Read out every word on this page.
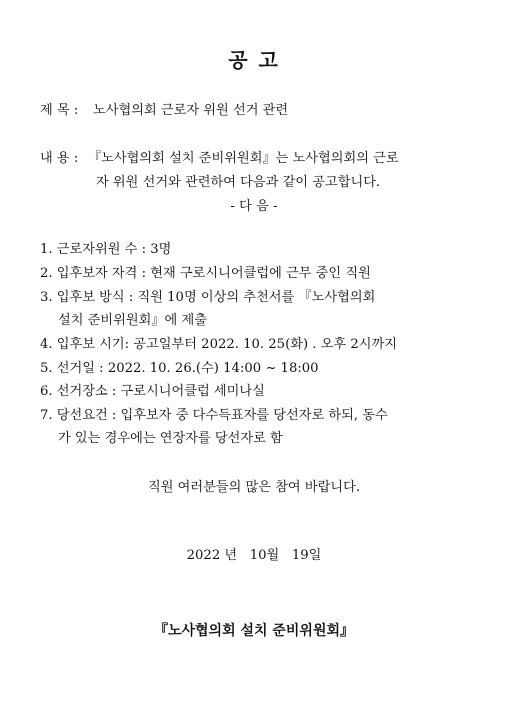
공 고
제 목 : 노사협의회 근로자 위원 선거 관련
내 용 : 『노사협의회 설치 준비위원회』는 노사협의회의 근로
자 위원 선거와 관련하여 다음과 같이 공고합니다.
- 다 음 -
1. 근로자위원 수 : 3명
2. 입후보자 자격 : 현재 구로시니어클럽에 근무 중인 직원
3. 입후보 방식 : 직원 10명 이상의 추천서를 『노사협의회
설치 준비위원회』에 제출
4. 입후보 시기: 공고일부터 2022. 10. 25(화) . 오후 2시까지
5. 선거일 : 2022. 10. 26.(수) 14:00 ~ 18:00
6. 선거장소 : 구로시니어클럽 세미나실
7. 당선요건 : 입후보자 중 다수득표자를 당선자로 하되, 동수
가 있는 경우에는 연장자를 당선자로 함
직원 여러분들의 많은 참여 바랍니다.
2022 년   10월   19일
『노사협의회 설치 준비위원회』
